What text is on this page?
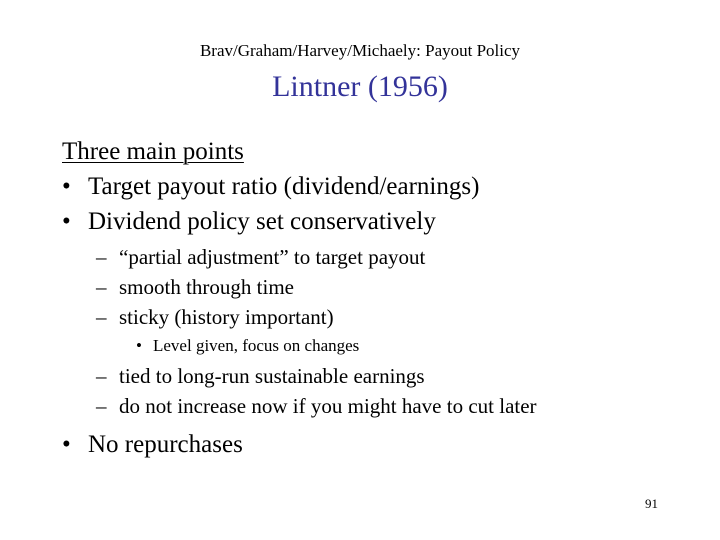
Brav/Graham/Harvey/Michaely: Payout Policy
Lintner (1956)
Three main points
• Target payout ratio (dividend/earnings)
• Dividend policy set conservatively
– “partial adjustment” to target payout
– smooth through time
– sticky (history important)
• Level given, focus on changes
– tied to long-run sustainable earnings
– do not increase now if you might have to cut later
• No repurchases
91
